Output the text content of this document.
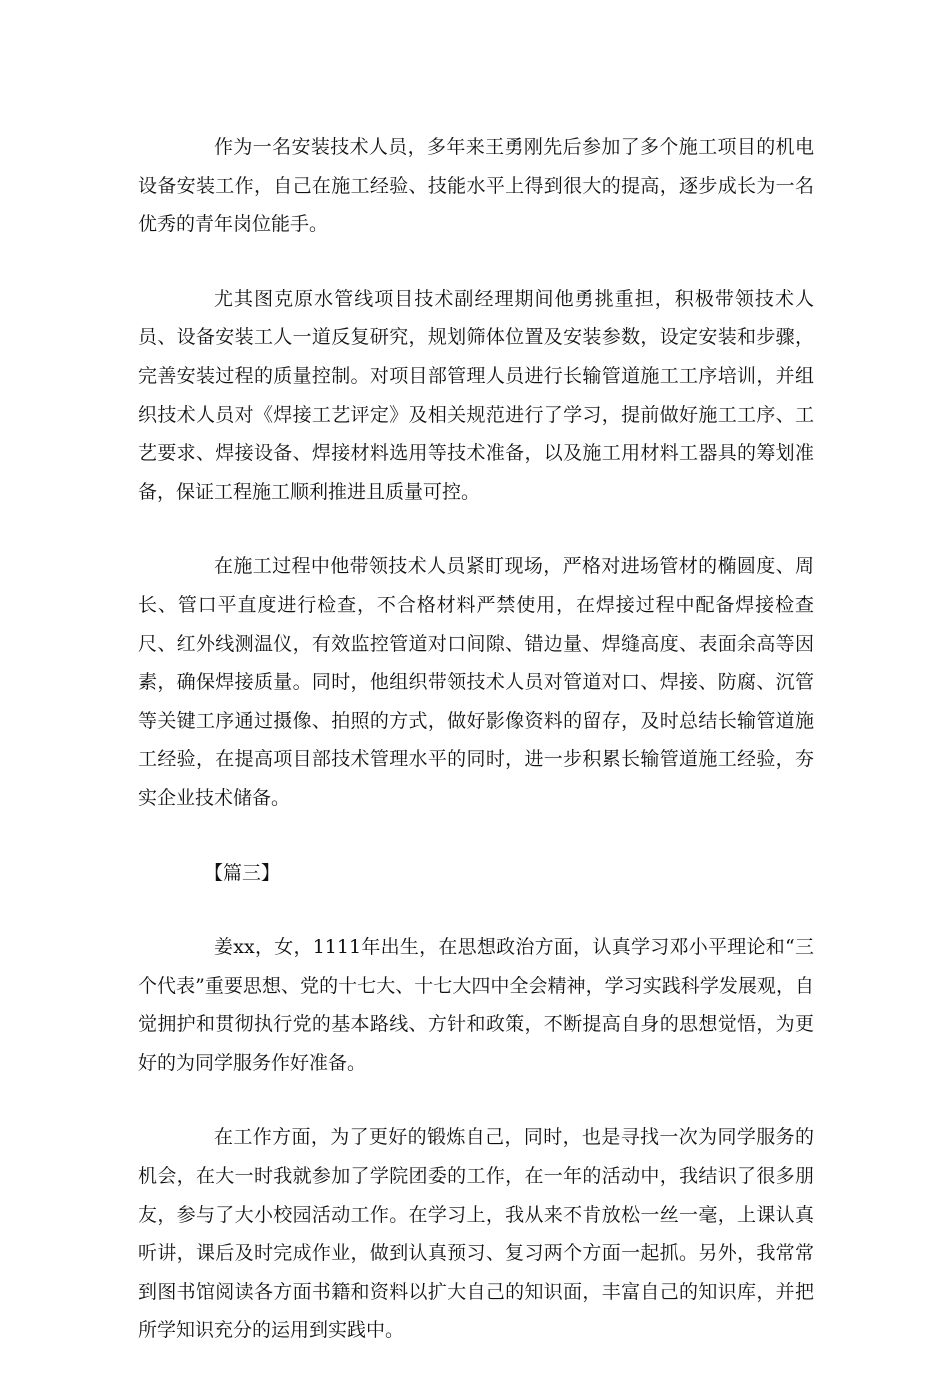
作为一名安装技术人员，多年来王勇刚先后参加了多个施工项目的机电设备安装工作，自己在施工经验、技能水平上得到很大的提高，逐步成长为一名优秀的青年岗位能手。

尤其图克原水管线项目技术副经理期间他勇挑重担，积极带领技术人员、设备安装工人一道反复研究，规划筛体位置及安装参数，设定安装和步骤，完善安装过程的质量控制。对项目部管理人员进行长输管道施工工序培训，并组织技术人员对《焊接工艺评定》及相关规范进行了学习，提前做好施工工序、工艺要求、焊接设备、焊接材料选用等技术准备，以及施工用材料工器具的筹划准备，保证工程施工顺利推进且质量可控。

在施工过程中他带领技术人员紧盯现场，严格对进场管材的椭圆度、周长、管口平直度进行检查，不合格材料严禁使用，在焊接过程中配备焊接检查尺、红外线测温仪，有效监控管道对口间隙、错边量、焊缝高度、表面余高等因素，确保焊接质量。同时，他组织带领技术人员对管道对口、焊接、防腐、沉管等关键工序通过摄像、拍照的方式，做好影像资料的留存，及时总结长输管道施工经验，在提高项目部技术管理水平的同时，进一步积累长输管道施工经验，夯实企业技术储备。

【篇三】

姜xx，女，1111年出生，在思想政治方面，认真学习邓小平理论和“三个代表”重要思想、党的十七大、十七大四中全会精神，学习实践科学发展观，自觉拥护和贯彻执行党的基本路线、方针和政策，不断提高自身的思想觉悟，为更好的为同学服务作好准备。

在工作方面，为了更好的锻炼自己，同时，也是寻找一次为同学服务的机会，在大一时我就参加了学院团委的工作，在一年的活动中，我结识了很多朋友，参与了大小校园活动工作。在学习上，我从来不肯放松一丝一毫，上课认真听讲，课后及时完成作业，做到认真预习、复习两个方面一起抓。另外，我常常到图书馆阅读各方面书籍和资料以扩大自己的知识面，丰富自己的知识库，并把所学知识充分的运用到实践中。
